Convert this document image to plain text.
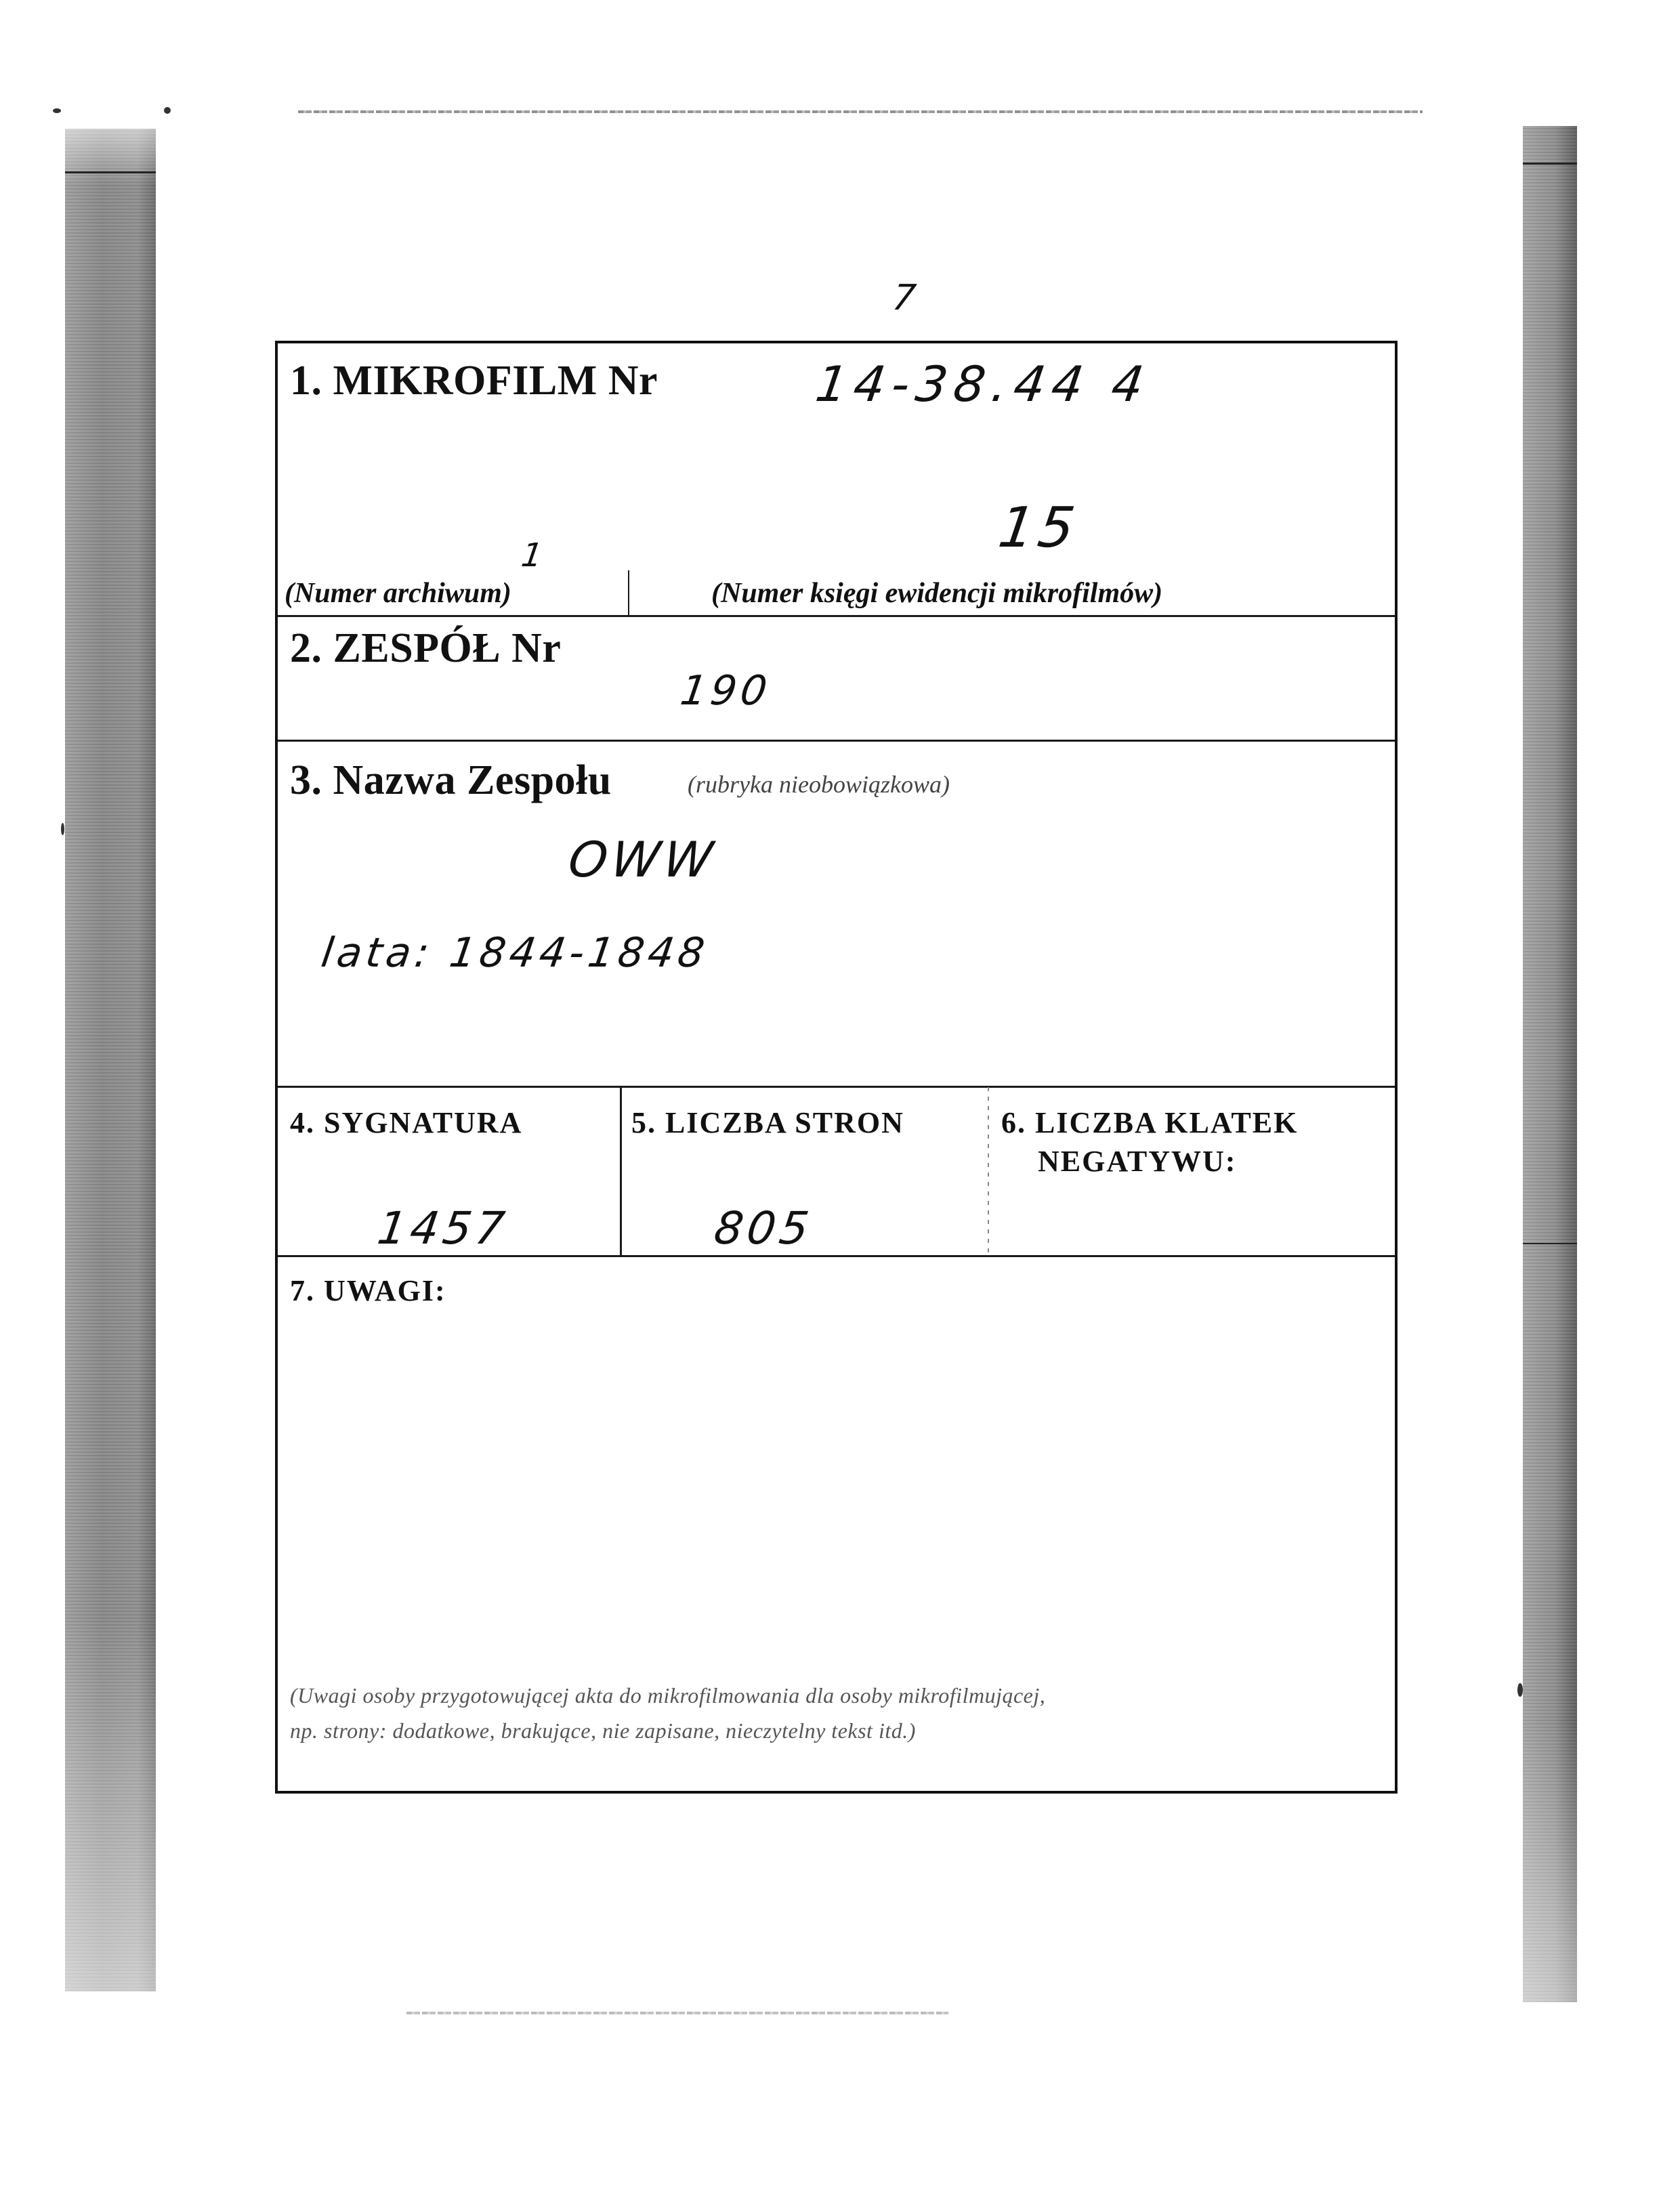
7
1. MIKROFILM Nr	14-38.44 4
1	15
(Numer archiwum)	(Numer księgi ewidencji mikrofilmów)
2. ZESPÓŁ Nr
190
3. Nazwa Zespołu	(rubryka nieobowiązkowa)
OWW
lata: 1844-1848
4. SYGNATURA
1457
5. LICZBA STRON
805
6. LICZBA KLATEK
NEGATYWU:
7. UWAGI:
(Uwagi osoby przygotowującej akta do mikrofilmowania dla osoby mikrofilmującej,
np. strony: dodatkowe, brakujące, nie zapisane, nieczytelny tekst itd.)
